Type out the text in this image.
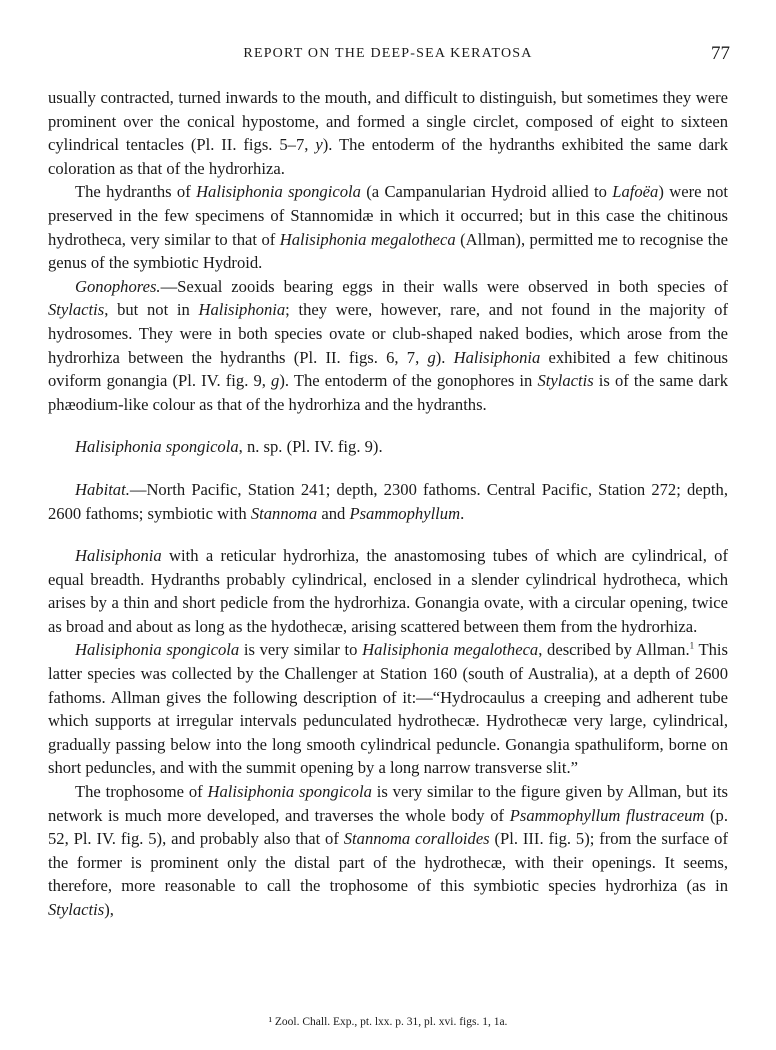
REPORT ON THE DEEP-SEA KERATOSA	77

usually contracted, turned inwards to the mouth, and difficult to distinguish, but sometimes they were prominent over the conical hypostome, and formed a single circlet, composed of eight to sixteen cylindrical tentacles (Pl. II. figs. 5–7, y). The entoderm of the hydranths exhibited the same dark coloration as that of the hydrorhiza.

The hydranths of Halisiphonia spongicola (a Campanularian Hydroid allied to Lafoëa) were not preserved in the few specimens of Stannomidæ in which it occurred; but in this case the chitinous hydrotheca, very similar to that of Halisiphonia megalotheca (Allman), permitted me to recognise the genus of the symbiotic Hydroid.

Gonophores.—Sexual zooids bearing eggs in their walls were observed in both species of Stylactis, but not in Halisiphonia; they were, however, rare, and not found in the majority of hydrosomes. They were in both species ovate or club-shaped naked bodies, which arose from the hydrorhiza between the hydranths (Pl. II. figs. 6, 7, g). Halisiphonia exhibited a few chitinous oviform gonangia (Pl. IV. fig. 9, g). The entoderm of the gonophores in Stylactis is of the same dark phæodium-like colour as that of the hydrorhiza and the hydranths.

Halisiphonia spongicola, n. sp. (Pl. IV. fig. 9).

Habitat.—North Pacific, Station 241; depth, 2300 fathoms. Central Pacific, Station 272; depth, 2600 fathoms; symbiotic with Stannoma and Psammophyllum.

Halisiphonia with a reticular hydrorhiza, the anastomosing tubes of which are cylindrical, of equal breadth. Hydranths probably cylindrical, enclosed in a slender cylindrical hydrotheca, which arises by a thin and short pedicle from the hydrorhiza. Gonangia ovate, with a circular opening, twice as broad and about as long as the hydothecæ, arising scattered between them from the hydrorhiza.

Halisiphonia spongicola is very similar to Halisiphonia megalotheca, described by Allman.$^1$ This latter species was collected by the Challenger at Station 160 (south of Australia), at a depth of 2600 fathoms. Allman gives the following description of it:—“Hydrocaulus a creeping and adherent tube which supports at irregular intervals pedunculated hydrothecæ. Hydrothecæ very large, cylindrical, gradually passing below into the long smooth cylindrical peduncle. Gonangia spathuliform, borne on short peduncles, and with the summit opening by a long narrow transverse slit.”

The trophosome of Halisiphonia spongicola is very similar to the figure given by Allman, but its network is much more developed, and traverses the whole body of Psammophyllum flustraceum (p. 52, Pl. IV. fig. 5), and probably also that of Stannoma coralloides (Pl. III. fig. 5); from the surface of the former is prominent only the distal part of the hydrothecæ, with their openings. It seems, therefore, more reasonable to call the trophosome of this symbiotic species hydrorhiza (as in Stylactis),

¹ Zool. Chall. Exp., pt. lxx. p. 31, pl. xvi. figs. 1, 1a.
